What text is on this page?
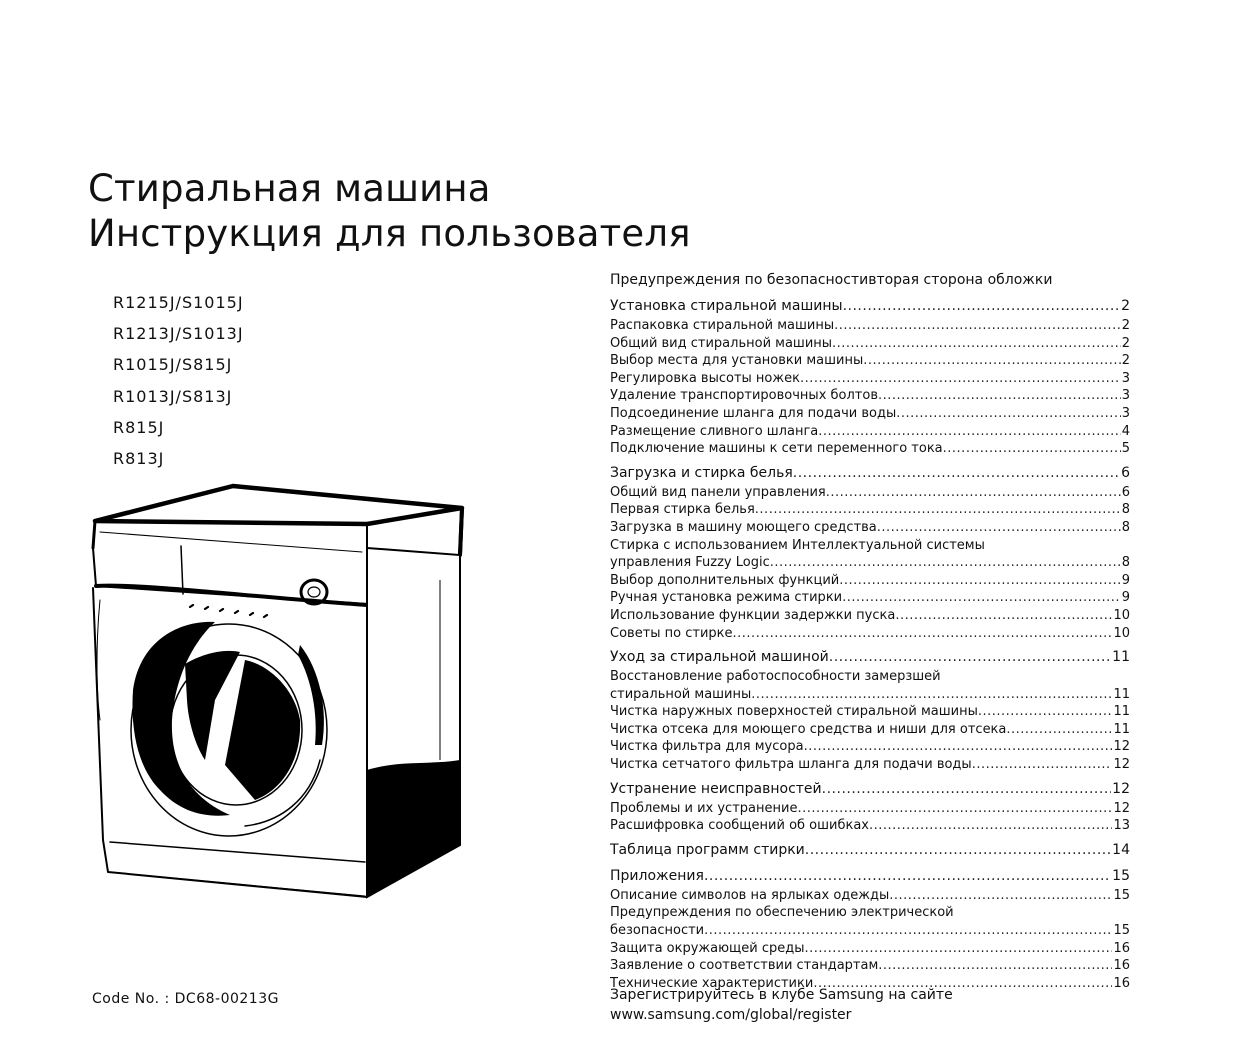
Стиральная машина
Инструкция для пользователя
R1215J/S1015J
R1213J/S1013J
R1015J/S815J
R1013J/S813J
R815J
R813J
Code No. : DC68-00213G
Предупреждения по безопасностивторая сторона обложки
Установка стиральной машины .....	2
Распаковка стиральной машины .....	2
Общий вид стиральной машины .....	2
Выбор места для установки машины .....	2
Регулировка высоты ножек .....	3
Удаление транспортировочных болтов .....	3
Подсоединение шланга для подачи воды .....	3
Размещение сливного шланга .....	4
Подключение машины к сети переменного тока .....	5
Загрузка и стирка белья .....	6
Общий вид панели управления .....	6
Первая стирка белья .....	8
Загрузка в машину моющего средства .....	8
Стирка с использованием Интеллектуальной системы
управления Fuzzy Logic .....	8
Выбор дополнительных функций .....	9
Ручная установка режима стирки .....	9
Использование функции задержки пуска .....	10
Советы по стирке .....	10
Уход за стиральной машиной .....	11
Восстановление работоспособности замерзшей
стиральной машины .....	11
Чистка наружных поверхностей стиральной машины .....	11
Чистка отсека для моющего средства и ниши для отсека .....	11
Чистка фильтра для мусора .....	12
Чистка сетчатого фильтра шланга для подачи воды .....	12
Устранение неисправностей .....	12
Проблемы и их устранение .....	12
Расшифровка сообщений об ошибках .....	13
Таблица программ стирки .....	14
Приложения .....	15
Описание символов на ярлыках одежды .....	15
Предупреждения по обеспечению электрической
безопасности .....	15
Защита окружающей среды .....	16
Заявление о соответствии стандартам .....	16
Технические характеристики .....	16
Зарегистрируйтесь в клубе Samsung на сайте
www.samsung.com/global/register
